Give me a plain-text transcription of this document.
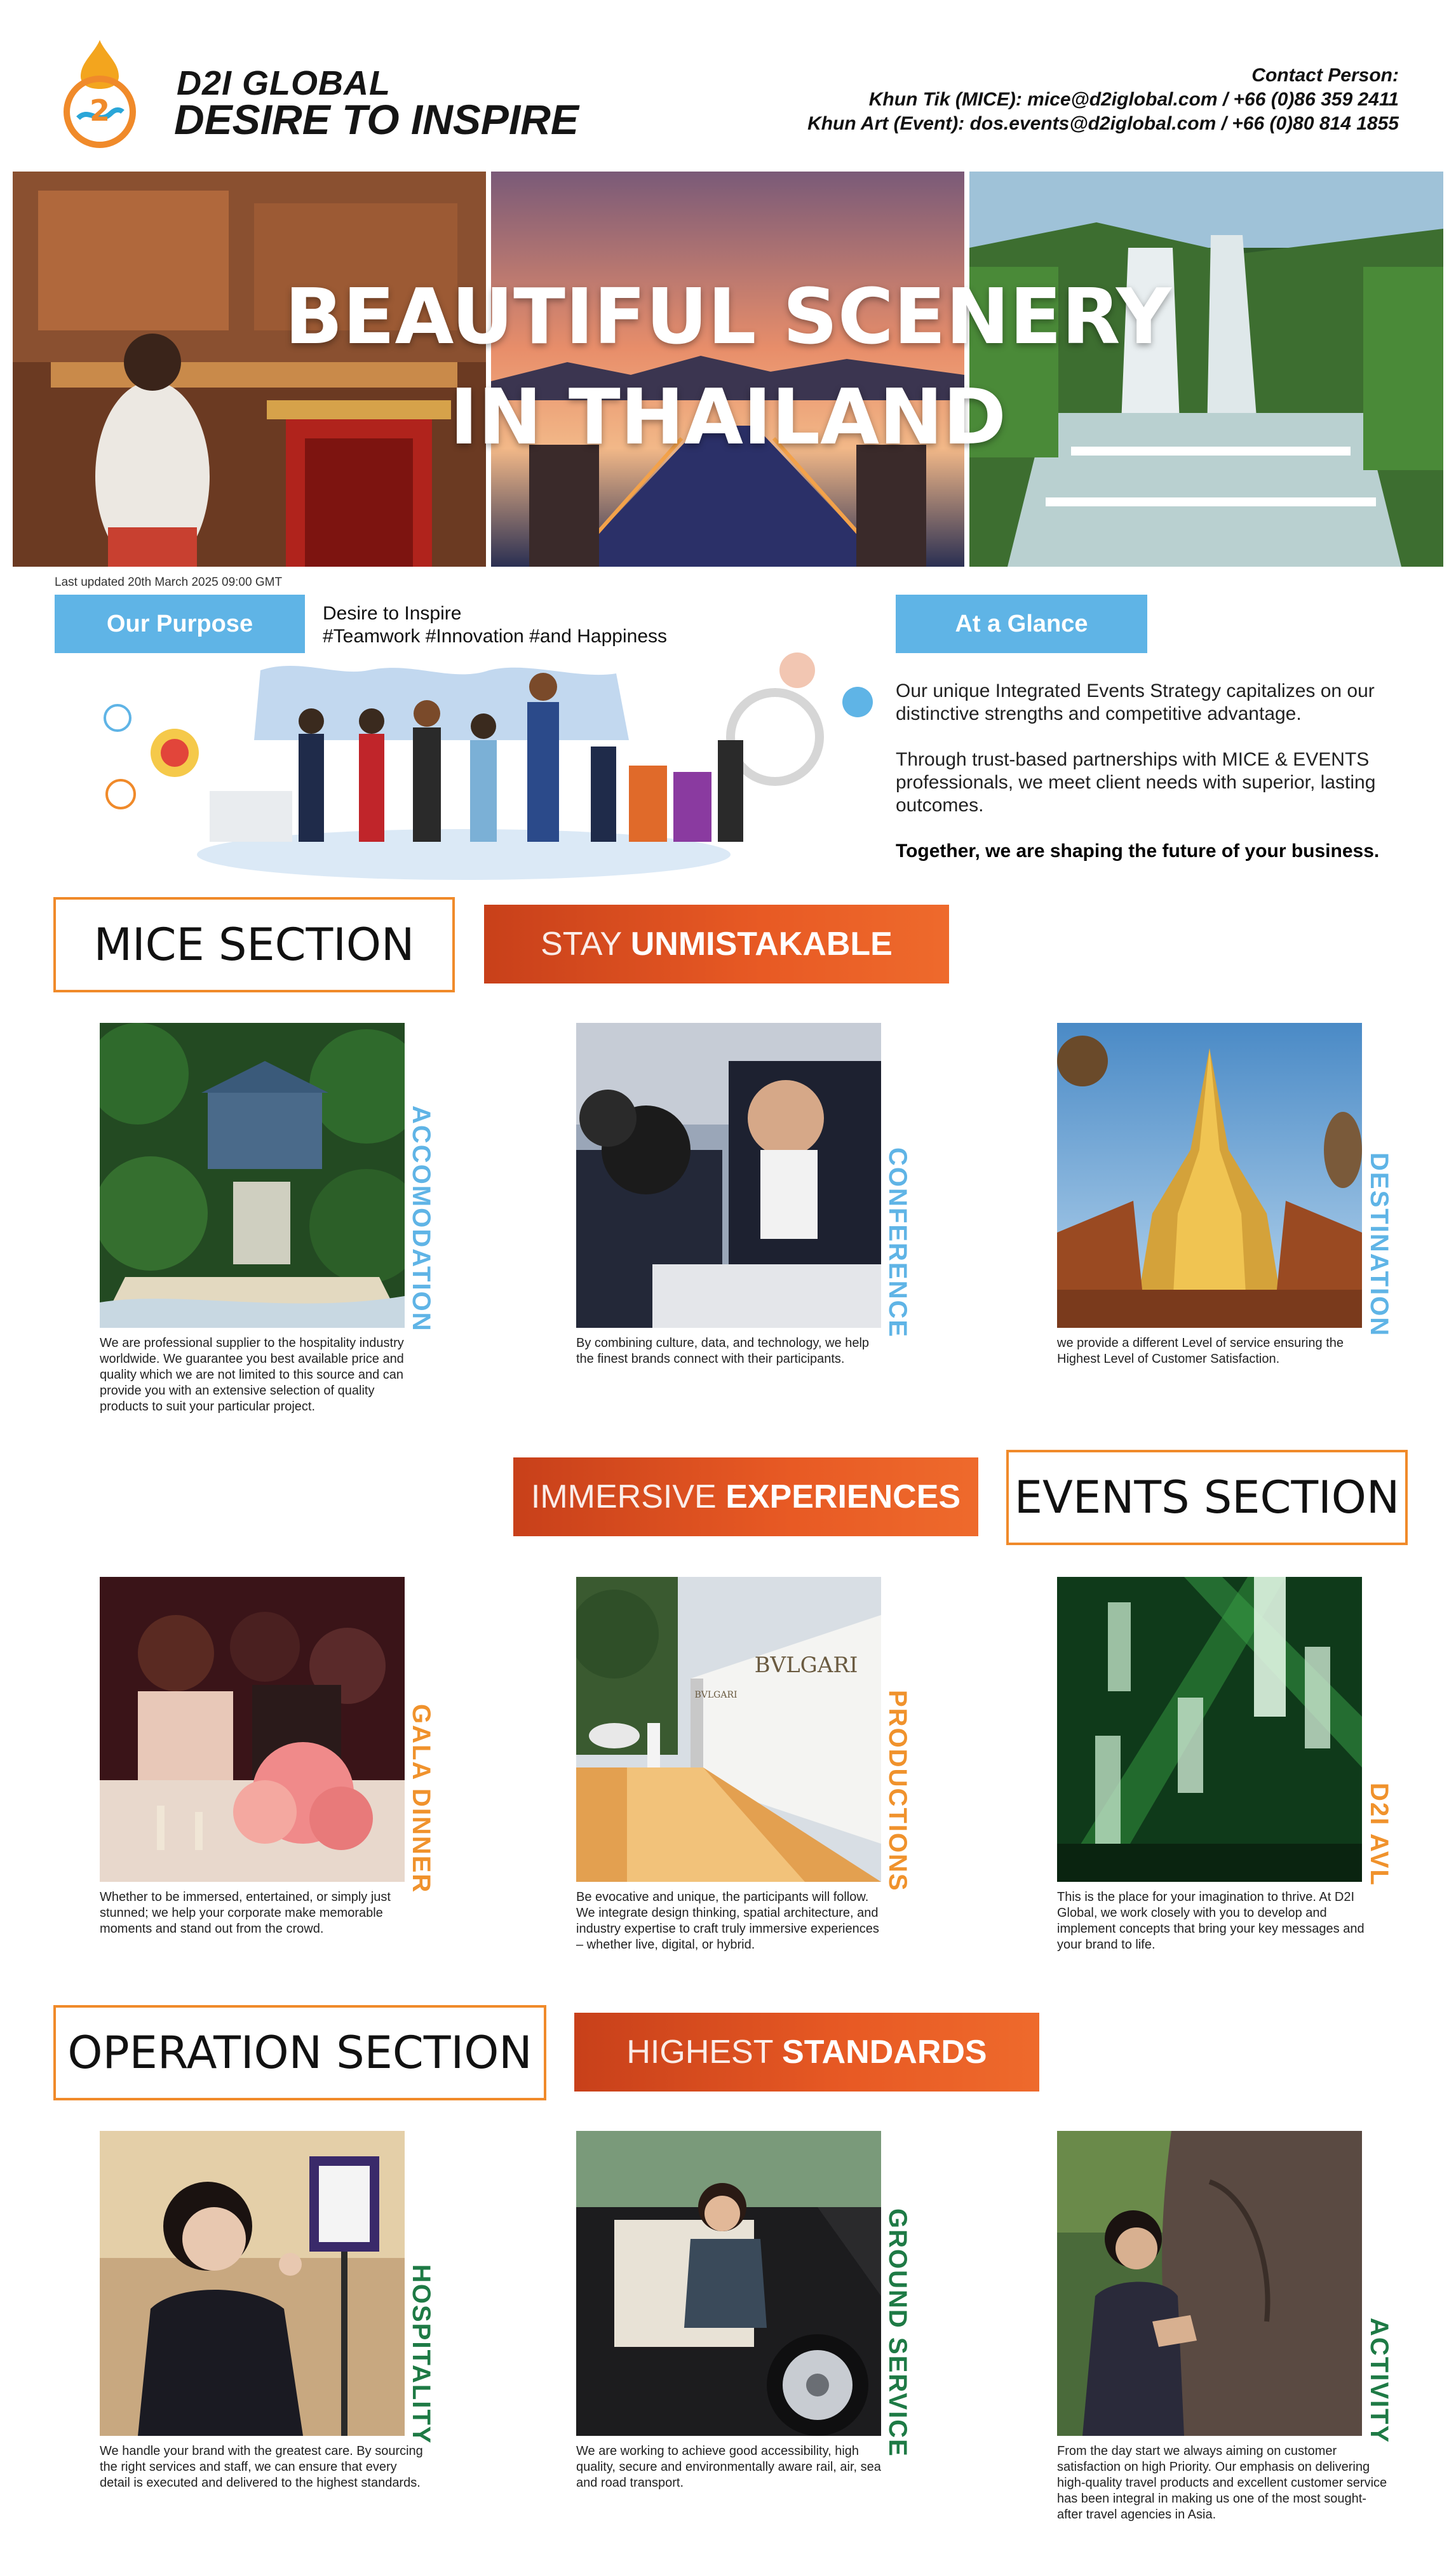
2
D2I GLOBAL
DESIRE TO INSPIRE
Contact Person:
Khun Tik (MICE): mice@d2iglobal.com / +66 (0)86 359 2411
Khun Art (Event): dos.events@d2iglobal.com / +66 (0)80 814 1855
BEAUTIFUL SCENERY
IN THAILAND
Last updated 20th March 2025 09:00 GMT
Our Purpose	Desire to Inspire
#Teamwork #Innovation #and Happiness	At a Glance

Our unique Integrated Events Strategy capitalizes on our distinctive strengths and competitive advantage.

Through trust-based partnerships with MICE & EVENTS professionals, we meet client needs with superior, lasting outcomes.

Together, we are shaping the future of your business.

MICE SECTION	STAY UNMISTAKABLE
ACCOMODATION
We are professional supplier to the hospitality industry worldwide. We guarantee you best available price and quality which we are not limited to this source and can provide you with an extensive selection of quality products to suit your particular project.
CONFERENCE
By combining culture, data, and technology, we help the finest brands connect with their participants.
DESTINATION
we provide a different Level of service ensuring the Highest Level of Customer Satisfaction.
IMMERSIVE EXPERIENCES	EVENTS SECTION
GALA DINNER
Whether to be immersed, entertained, or simply just stunned; we help your corporate make memorable moments and stand out from the crowd.
BVLGARI
BVLGARI	PRODUCTIONS
Be evocative and unique, the participants will follow. We integrate design thinking, spatial architecture, and industry expertise to craft truly immersive experiences – whether live, digital, or hybrid.
D2I AVL
This is the place for your imagination to thrive. At D2I Global, we work closely with you to develop and implement concepts that bring your key messages and your brand to life.
OPERATION SECTION	HIGHEST STANDARDS
HOSPITALITY
We handle your brand with the greatest care. By sourcing the right services and staff, we can ensure that every detail is executed and delivered to the highest standards.
GROUND SERVICE
We are working to achieve good accessibility, high quality, secure and environmentally aware rail, air, sea and road transport.
ACTIVITY
From the day start we always aiming on customer satisfaction on high Priority. Our emphasis on delivering high-quality travel products and excellent customer service has been integral in making us one of the most sought-after travel agencies in Asia.
